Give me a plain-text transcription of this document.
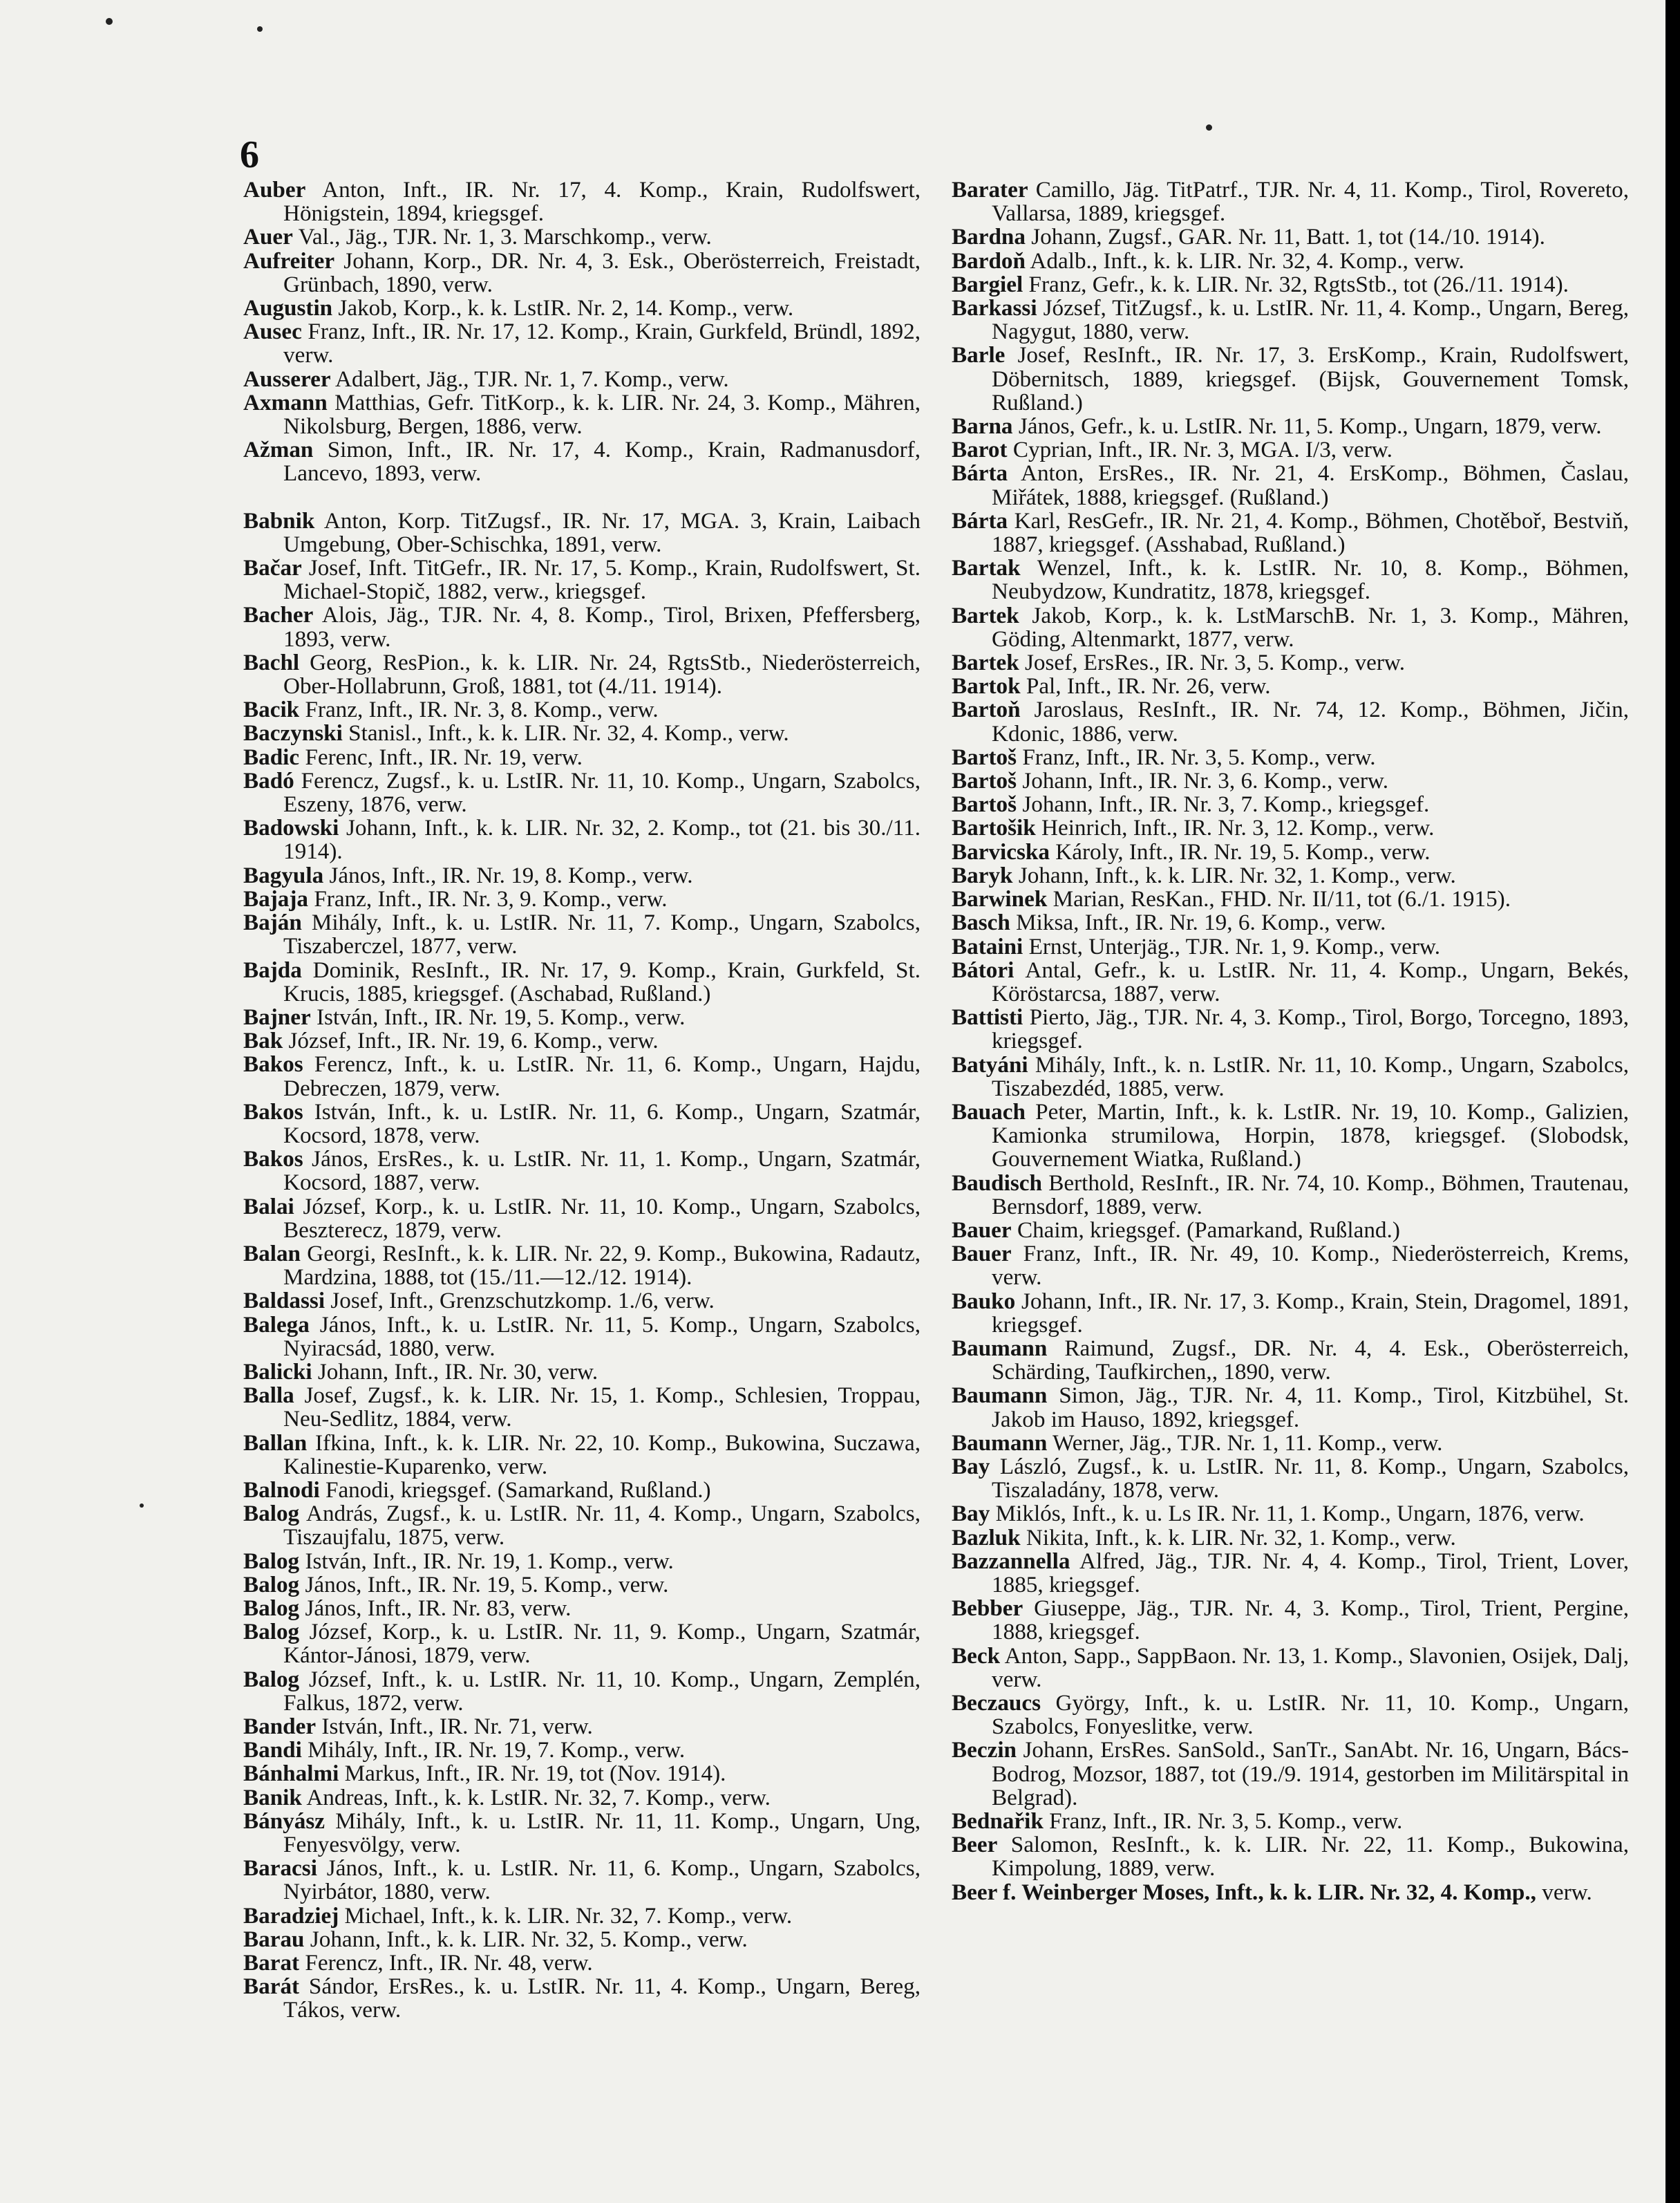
6
Auber Anton, Inft., IR. Nr. 17, 4. Komp., Krain, Rudolfswert, Hönigstein, 1894, kriegsgef.
Auer Val., Jäg., TJR. Nr. 1, 3. Marschkomp., verw.
Aufreiter Johann, Korp., DR. Nr. 4, 3. Esk., Oberösterreich, Freistadt, Grünbach, 1890, verw.
Augustin Jakob, Korp., k. k. LstIR. Nr. 2, 14. Komp., verw.
Ausec Franz, Inft., IR. Nr. 17, 12. Komp., Krain, Gurkfeld, Bründl, 1892, verw.
Ausserer Adalbert, Jäg., TJR. Nr. 1, 7. Komp., verw.
Axmann Matthias, Gefr. TitKorp., k. k. LIR. Nr. 24, 3. Komp., Mähren, Nikolsburg, Bergen, 1886, verw.
Ažman Simon, Inft., IR. Nr. 17, 4. Komp., Krain, Radmanusdorf, Lancevo, 1893, verw.
Babnik Anton, Korp. TitZugsf., IR. Nr. 17, MGA. 3, Krain, Laibach Umgebung, Ober-Schischka, 1891, verw.
Bačar Josef, Inft. TitGefr., IR. Nr. 17, 5. Komp., Krain, Rudolfswert, St. Michael-Stopič, 1882, verw., kriegsgef.
Bacher Alois, Jäg., TJR. Nr. 4, 8. Komp., Tirol, Brixen, Pfeffersberg, 1893, verw.
Bachl Georg, ResPion., k. k. LIR. Nr. 24, RgtsStb., Niederösterreich, Ober-Hollabrunn, Groß, 1881, tot (4./11. 1914).
Bacik Franz, Inft., IR. Nr. 3, 8. Komp., verw.
Baczynski Stanisl., Inft., k. k. LIR. Nr. 32, 4. Komp., verw.
Badic Ferenc, Inft., IR. Nr. 19, verw.
Badó Ferencz, Zugsf., k. u. LstIR. Nr. 11, 10. Komp., Ungarn, Szabolcs, Eszeny, 1876, verw.
Badowski Johann, Inft., k. k. LIR. Nr. 32, 2. Komp., tot (21. bis 30./11. 1914).
Bagyula János, Inft., IR. Nr. 19, 8. Komp., verw.
Bajaja Franz, Inft., IR. Nr. 3, 9. Komp., verw.
Baján Mihály, Inft., k. u. LstIR. Nr. 11, 7. Komp., Ungarn, Szabolcs, Tiszaberczel, 1877, verw.
Bajda Dominik, ResInft., IR. Nr. 17, 9. Komp., Krain, Gurkfeld, St. Krucis, 1885, kriegsgef. (Aschabad, Rußland.)
Bajner István, Inft., IR. Nr. 19, 5. Komp., verw.
Bak József, Inft., IR. Nr. 19, 6. Komp., verw.
Bakos Ferencz, Inft., k. u. LstIR. Nr. 11, 6. Komp., Ungarn, Hajdu, Debreczen, 1879, verw.
Bakos István, Inft., k. u. LstIR. Nr. 11, 6. Komp., Ungarn, Szatmár, Kocsord, 1878, verw.
Bakos János, ErsRes., k. u. LstIR. Nr. 11, 1. Komp., Ungarn, Szatmár, Kocsord, 1887, verw.
Balai József, Korp., k. u. LstIR. Nr. 11, 10. Komp., Ungarn, Szabolcs, Beszterecz, 1879, verw.
Balan Georgi, ResInft., k. k. LIR. Nr. 22, 9. Komp., Bukowina, Radautz, Mardzina, 1888, tot (15./11.—12./12. 1914).
Baldassi Josef, Inft., Grenzschutzkomp. 1./6, verw.
Balega János, Inft., k. u. LstIR. Nr. 11, 5. Komp., Ungarn, Szabolcs, Nyiracsád, 1880, verw.
Balicki Johann, Inft., IR. Nr. 30, verw.
Balla Josef, Zugsf., k. k. LIR. Nr. 15, 1. Komp., Schlesien, Troppau, Neu-Sedlitz, 1884, verw.
Ballan Ifkina, Inft., k. k. LIR. Nr. 22, 10. Komp., Bukowina, Suczawa, Kalinestie-Kuparenko, verw.
Balnodi Fanodi, kriegsgef. (Samarkand, Rußland.)
Balog András, Zugsf., k. u. LstIR. Nr. 11, 4. Komp., Ungarn, Szabolcs, Tiszaujfalu, 1875, verw.
Balog István, Inft., IR. Nr. 19, 1. Komp., verw.
Balog János, Inft., IR. Nr. 19, 5. Komp., verw.
Balog János, Inft., IR. Nr. 83, verw.
Balog József, Korp., k. u. LstIR. Nr. 11, 9. Komp., Ungarn, Szatmár, Kántor-Jánosi, 1879, verw.
Balog József, Inft., k. u. LstIR. Nr. 11, 10. Komp., Ungarn, Zemplén, Falkus, 1872, verw.
Bander István, Inft., IR. Nr. 71, verw.
Bandi Mihály, Inft., IR. Nr. 19, 7. Komp., verw.
Bánhalmi Markus, Inft., IR. Nr. 19, tot (Nov. 1914).
Banik Andreas, Inft., k. k. LstIR. Nr. 32, 7. Komp., verw.
Bányász Mihály, Inft., k. u. LstIR. Nr. 11, 11. Komp., Ungarn, Ung, Fenyesvölgy, verw.
Baracsi János, Inft., k. u. LstIR. Nr. 11, 6. Komp., Ungarn, Szabolcs, Nyirbátor, 1880, verw.
Baradziej Michael, Inft., k. k. LIR. Nr. 32, 7. Komp., verw.
Barau Johann, Inft., k. k. LIR. Nr. 32, 5. Komp., verw.
Barat Ferencz, Inft., IR. Nr. 48, verw.
Barát Sándor, ErsRes., k. u. LstIR. Nr. 11, 4. Komp., Ungarn, Bereg, Tákos, verw.
Barater Camillo, Jäg. TitPatrf., TJR. Nr. 4, 11. Komp., Tirol, Rovereto, Vallarsa, 1889, kriegsgef.
Bardna Johann, Zugsf., GAR. Nr. 11, Batt. 1, tot (14./10. 1914).
Bardoň Adalb., Inft., k. k. LIR. Nr. 32, 4. Komp., verw.
Bargiel Franz, Gefr., k. k. LIR. Nr. 32, RgtsStb., tot (26./11. 1914).
Barkassi József, TitZugsf., k. u. LstIR. Nr. 11, 4. Komp., Ungarn, Bereg, Nagygut, 1880, verw.
Barle Josef, ResInft., IR. Nr. 17, 3. ErsKomp., Krain, Rudolfswert, Döbernitsch, 1889, kriegsgef. (Bijsk, Gouvernement Tomsk, Rußland.)
Barna János, Gefr., k. u. LstIR. Nr. 11, 5. Komp., Ungarn, 1879, verw.
Barot Cyprian, Inft., IR. Nr. 3, MGA. I/3, verw.
Bárta Anton, ErsRes., IR. Nr. 21, 4. ErsKomp., Böhmen, Časlau, Miřátek, 1888, kriegsgef. (Rußland.)
Bárta Karl, ResGefr., IR. Nr. 21, 4. Komp., Böhmen, Chotěboř, Bestviň, 1887, kriegsgef. (Asshabad, Rußland.)
Bartak Wenzel, Inft., k. k. LstIR. Nr. 10, 8. Komp., Böhmen, Neubydzow, Kundratitz, 1878, kriegsgef.
Bartek Jakob, Korp., k. k. LstMarschB. Nr. 1, 3. Komp., Mähren, Göding, Altenmarkt, 1877, verw.
Bartek Josef, ErsRes., IR. Nr. 3, 5. Komp., verw.
Bartok Pal, Inft., IR. Nr. 26, verw.
Bartoň Jaroslaus, ResInft., IR. Nr. 74, 12. Komp., Böhmen, Jičin, Kdonic, 1886, verw.
Bartoš Franz, Inft., IR. Nr. 3, 5. Komp., verw.
Bartoš Johann, Inft., IR. Nr. 3, 6. Komp., verw.
Bartoš Johann, Inft., IR. Nr. 3, 7. Komp., kriegsgef.
Bartošik Heinrich, Inft., IR. Nr. 3, 12. Komp., verw.
Barvicska Károly, Inft., IR. Nr. 19, 5. Komp., verw.
Baryk Johann, Inft., k. k. LIR. Nr. 32, 1. Komp., verw.
Barwinek Marian, ResKan., FHD. Nr. II/11, tot (6./1. 1915).
Basch Miksa, Inft., IR. Nr. 19, 6. Komp., verw.
Bataini Ernst, Unterjäg., TJR. Nr. 1, 9. Komp., verw.
Bátori Antal, Gefr., k. u. LstIR. Nr. 11, 4. Komp., Ungarn, Bekés, Köröstarcsa, 1887, verw.
Battisti Pierto, Jäg., TJR. Nr. 4, 3. Komp., Tirol, Borgo, Torcegno, 1893, kriegsgef.
Batyáni Mihály, Inft., k. n. LstIR. Nr. 11, 10. Komp., Ungarn, Szabolcs, Tiszabezdéd, 1885, verw.
Bauach Peter, Martin, Inft., k. k. LstIR. Nr. 19, 10. Komp., Galizien, Kamionka strumilowa, Horpin, 1878, kriegsgef. (Slobodsk, Gouvernement Wiatka, Rußland.)
Baudisch Berthold, ResInft., IR. Nr. 74, 10. Komp., Böhmen, Trautenau, Bernsdorf, 1889, verw.
Bauer Chaim, kriegsgef. (Pamarkand, Rußland.)
Bauer Franz, Inft., IR. Nr. 49, 10. Komp., Niederösterreich, Krems, verw.
Bauko Johann, Inft., IR. Nr. 17, 3. Komp., Krain, Stein, Dragomel, 1891, kriegsgef.
Baumann Raimund, Zugsf., DR. Nr. 4, 4. Esk., Oberösterreich, Schärding, Taufkirchen,, 1890, verw.
Baumann Simon, Jäg., TJR. Nr. 4, 11. Komp., Tirol, Kitzbühel, St. Jakob im Hauso, 1892, kriegsgef.
Baumann Werner, Jäg., TJR. Nr. 1, 11. Komp., verw.
Bay László, Zugsf., k. u. LstIR. Nr. 11, 8. Komp., Ungarn, Szabolcs, Tiszaladány, 1878, verw.
Bay Miklós, Inft., k. u. Ls IR. Nr. 11, 1. Komp., Ungarn, 1876, verw.
Bazluk Nikita, Inft., k. k. LIR. Nr. 32, 1. Komp., verw.
Bazzannella Alfred, Jäg., TJR. Nr. 4, 4. Komp., Tirol, Trient, Lover, 1885, kriegsgef.
Bebber Giuseppe, Jäg., TJR. Nr. 4, 3. Komp., Tirol, Trient, Pergine, 1888, kriegsgef.
Beck Anton, Sapp., SappBaon. Nr. 13, 1. Komp., Slavonien, Osijek, Dalj, verw.
Beczaucs György, Inft., k. u. LstIR. Nr. 11, 10. Komp., Ungarn, Szabolcs, Fonyeslitke, verw.
Beczin Johann, ErsRes. SanSold., SanTr., SanAbt. Nr. 16, Ungarn, Bács-Bodrog, Mozsor, 1887, tot (19./9. 1914, gestorben im Militärspital in Belgrad).
Bednařik Franz, Inft., IR. Nr. 3, 5. Komp., verw.
Beer Salomon, ResInft., k. k. LIR. Nr. 22, 11. Komp., Bukowina, Kimpolung, 1889, verw.
Beer f. Weinberger Moses, Inft., k. k. LIR. Nr. 32, 4. Komp., verw.
